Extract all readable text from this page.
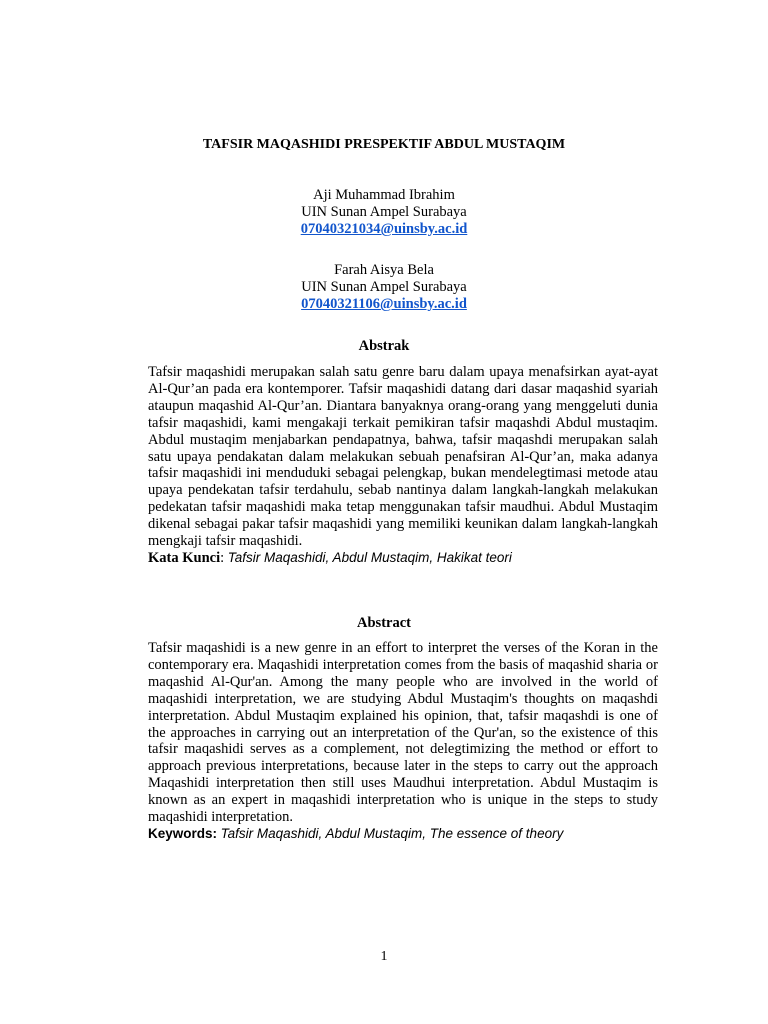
TAFSIR MAQASHIDI PRESPEKTIF ABDUL MUSTAQIM
Aji Muhammad Ibrahim
UIN Sunan Ampel Surabaya
07040321034@uinsby.ac.id
Farah Aisya Bela
UIN Sunan Ampel Surabaya
07040321106@uinsby.ac.id
Abstrak
Tafsir maqashidi merupakan salah satu genre baru dalam upaya menafsirkan ayat-ayat Al-Qur’an pada era kontemporer. Tafsir maqashidi datang dari dasar maqashid syariah ataupun maqashid Al-Qur’an. Diantara banyaknya orang-orang yang menggeluti dunia tafsir maqashidi, kami mengakaji terkait pemikiran tafsir maqashdi Abdul mustaqim. Abdul mustaqim menjabarkan pendapatnya, bahwa, tafsir maqashdi merupakan salah satu upaya pendakatan dalam melakukan sebuah penafsiran Al-Qur’an, maka adanya tafsir maqashidi ini menduduki sebagai pelengkap, bukan mendelegtimasi metode atau upaya pendekatan tafsir terdahulu, sebab nantinya dalam langkah-langkah melakukan pedekatan tafsir maqashidi maka tetap menggunakan tafsir maudhui. Abdul Mustaqim dikenal sebagai pakar tafsir maqashidi yang memiliki keunikan dalam langkah-langkah mengkaji tafsir maqashidi.
Kata Kunci: Tafsir Maqashidi, Abdul Mustaqim, Hakikat teori
Abstract
Tafsir maqashidi is a new genre in an effort to interpret the verses of the Koran in the contemporary era. Maqashidi interpretation comes from the basis of maqashid sharia or maqashid Al-Qur'an. Among the many people who are involved in the world of maqashidi interpretation, we are studying Abdul Mustaqim's thoughts on maqashdi interpretation. Abdul Mustaqim explained his opinion, that, tafsir maqashdi is one of the approaches in carrying out an interpretation of the Qur'an, so the existence of this tafsir maqashidi serves as a complement, not delegtimizing the method or effort to approach previous interpretations, because later in the steps to carry out the approach Maqashidi interpretation then still uses Maudhui interpretation. Abdul Mustaqim is known as an expert in maqashidi interpretation who is unique in the steps to study maqashidi interpretation.
Keywords: Tafsir Maqashidi, Abdul Mustaqim, The essence of theory
1
